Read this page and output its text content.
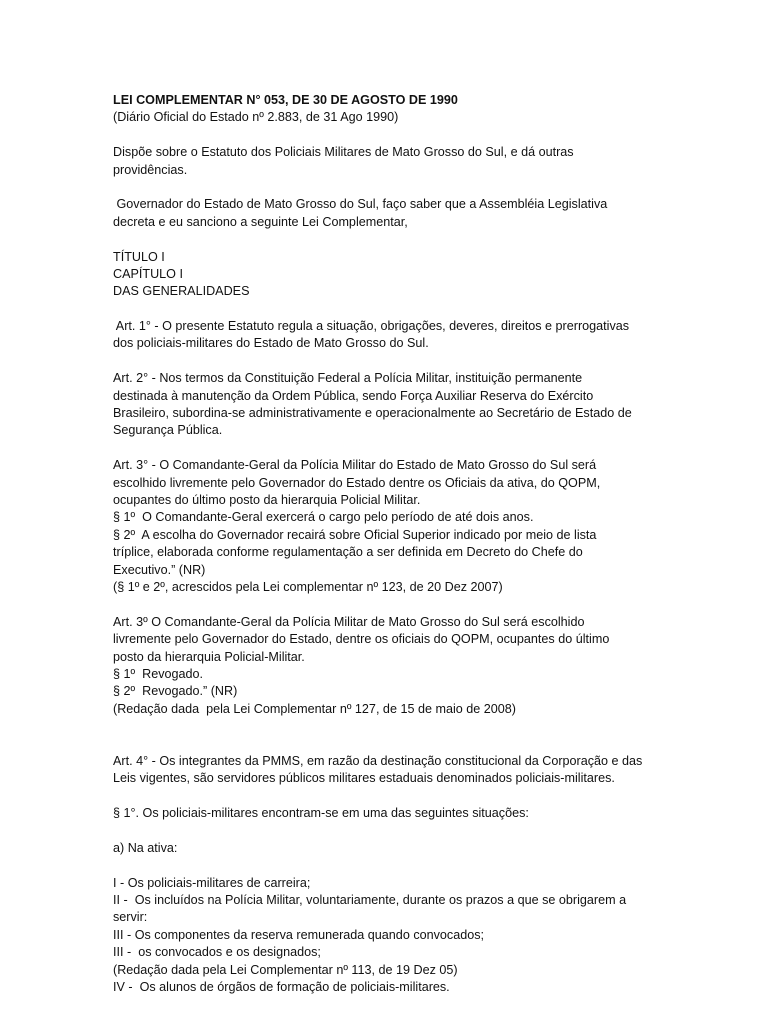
LEI COMPLEMENTAR N° 053, DE 30 DE AGOSTO DE 1990
(Diário Oficial do Estado nº 2.883, de 31 Ago 1990)
Dispõe sobre o Estatuto dos Policiais Militares de Mato Grosso do Sul, e dá outras
providências.
Governador do Estado de Mato Grosso do Sul, faço saber que a Assembléia Legislativa
decreta e eu sanciono a seguinte Lei Complementar,
TÍTULO I
CAPÍTULO I
DAS GENERALIDADES
Art. 1° - O presente Estatuto regula a situação, obrigações, deveres, direitos e prerrogativas
dos policiais-militares do Estado de Mato Grosso do Sul.
Art. 2° - Nos termos da Constituição Federal a Polícia Militar, instituição permanente
destinada à manutenção da Ordem Pública, sendo Força Auxiliar Reserva do Exército
Brasileiro, subordina-se administrativamente e operacionalmente ao Secretário de Estado de
Segurança Pública.
Art. 3° - O Comandante-Geral da Polícia Militar do Estado de Mato Grosso do Sul será
escolhido livremente pelo Governador do Estado dentre os Oficiais da ativa, do QOPM,
ocupantes do último posto da hierarquia Policial Militar.
§ 1º  O Comandante-Geral exercerá o cargo pelo período de até dois anos.
§ 2º  A escolha do Governador recairá sobre Oficial Superior indicado por meio de lista
tríplice, elaborada conforme regulamentação a ser definida em Decreto do Chefe do
Executivo.” (NR)
(§ 1º e 2º, acrescidos pela Lei complementar nº 123, de 20 Dez 2007)
Art. 3º O Comandante-Geral da Polícia Militar de Mato Grosso do Sul será escolhido
livremente pelo Governador do Estado, dentre os oficiais do QOPM, ocupantes do último
posto da hierarquia Policial-Militar.
§ 1º  Revogado.
§ 2º  Revogado.” (NR)
(Redação dada  pela Lei Complementar nº 127, de 15 de maio de 2008)
Art. 4° - Os integrantes da PMMS, em razão da destinação constitucional da Corporação e das
Leis vigentes, são servidores públicos militares estaduais denominados policiais-militares.
§ 1°. Os policiais-militares encontram-se em uma das seguintes situações:
a) Na ativa:
I - Os policiais-militares de carreira;
II -  Os incluídos na Polícia Militar, voluntariamente, durante os prazos a que se obrigarem a
servir:
III - Os componentes da reserva remunerada quando convocados;
III -  os convocados e os designados;
(Redação dada pela Lei Complementar nº 113, de 19 Dez 05)
IV -  Os alunos de órgãos de formação de policiais-militares.
